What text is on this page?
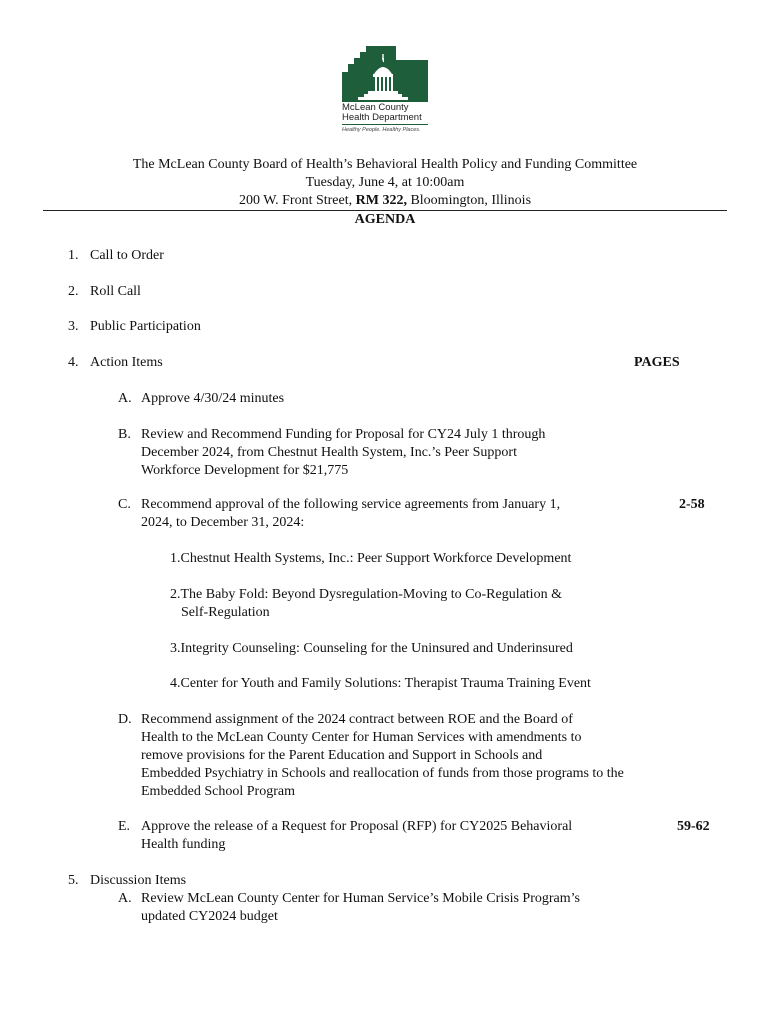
McLean County
Health Department
Healthy People. Healthy Places.
The McLean County Board of Health’s Behavioral Health Policy and Funding Committee
Tuesday, June 4, at 10:00am
200 W. Front Street, RM 322, Bloomington, Illinois
AGENDA
1. Call to Order
2. Roll Call
3. Public Participation
4. Action Items	PAGES
A. Approve 4/30/24 minutes
B. Review and Recommend Funding for Proposal for CY24 July 1 through
December 2024, from Chestnut Health System, Inc.’s Peer Support
Workforce Development for $21,775
C. Recommend approval of the following service agreements from January 1,
2024, to December 31, 2024:
2-58
1.Chestnut Health Systems, Inc.: Peer Support Workforce Development
2.The Baby Fold: Beyond Dysregulation-Moving to Co-Regulation &
Self-Regulation
3.Integrity Counseling: Counseling for the Uninsured and Underinsured
4.Center for Youth and Family Solutions: Therapist Trauma Training Event
D. Recommend assignment of the 2024 contract between ROE and the Board of
Health to the McLean County Center for Human Services with amendments to
remove provisions for the Parent Education and Support in Schools and
Embedded Psychiatry in Schools and reallocation of funds from those programs to the
Embedded School Program
E. Approve the release of a Request for Proposal (RFP) for CY2025 Behavioral
Health funding
59-62
5. Discussion Items
A. Review McLean County Center for Human Service’s Mobile Crisis Program’s
updated CY2024 budget
